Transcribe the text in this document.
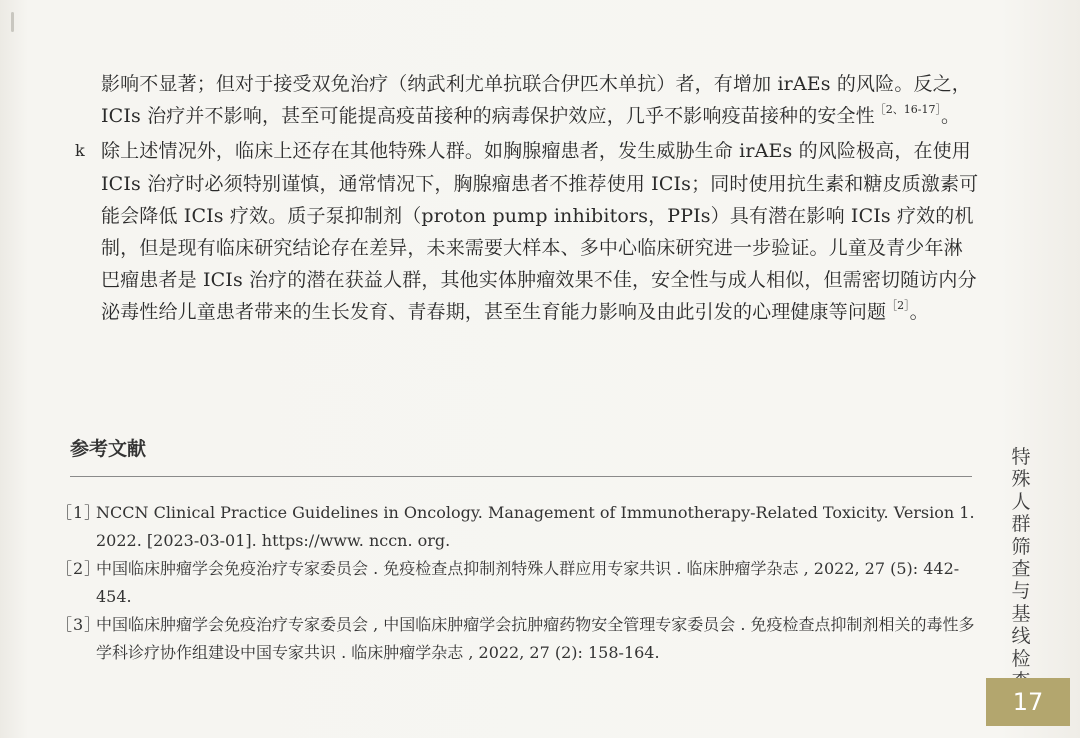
影响不显著；但对于接受双免治疗（纳武利尤单抗联合伊匹木单抗）者，有增加 irAEs 的风险。反之，ICIs 治疗并不影响，甚至可能提高疫苗接种的病毒保护效应，几乎不影响疫苗接种的安全性$^{[2、16-17]}$。

k 除上述情况外，临床上还存在其他特殊人群。如胸腺瘤患者，发生威胁生命 irAEs 的风险极高，在使用 ICIs 治疗时必须特别谨慎，通常情况下，胸腺瘤患者不推荐使用 ICIs；同时使用抗生素和糖皮质激素可能会降低 ICIs 疗效。质子泵抑制剂（proton pump inhibitors，PPIs）具有潜在影响 ICIs 疗效的机制，但是现有临床研究结论存在差异，未来需要大样本、多中心临床研究进一步验证。儿童及青少年淋巴瘤患者是 ICIs 治疗的潜在获益人群，其他实体肿瘤效果不佳，安全性与成人相似，但需密切随访内分泌毒性给儿童患者带来的生长发育、青春期，甚至生育能力影响及由此引发的心理健康等问题$^{[2]}$。

参考文献
［1］
NCCN Clinical Practice Guidelines in Oncology. Management of Immunotherapy-Related Toxicity. Version 1. 2022. [2023-03-01]. https://www. nccn. org.
［2］
中国临床肿瘤学会免疫治疗专家委员会 . 免疫检查点抑制剂特殊人群应用专家共识 . 临床肿瘤学杂志 , 2022, 27 (5): 442-454.
［3］
中国临床肿瘤学会免疫治疗专家委员会 , 中国临床肿瘤学会抗肿瘤药物安全管理专家委员会 . 免疫检查点抑制剂相关的毒性多学科诊疗协作组建设中国专家共识 . 临床肿瘤学杂志 , 2022, 27 (2): 158-164.
特殊人群筛查与基线检
17
